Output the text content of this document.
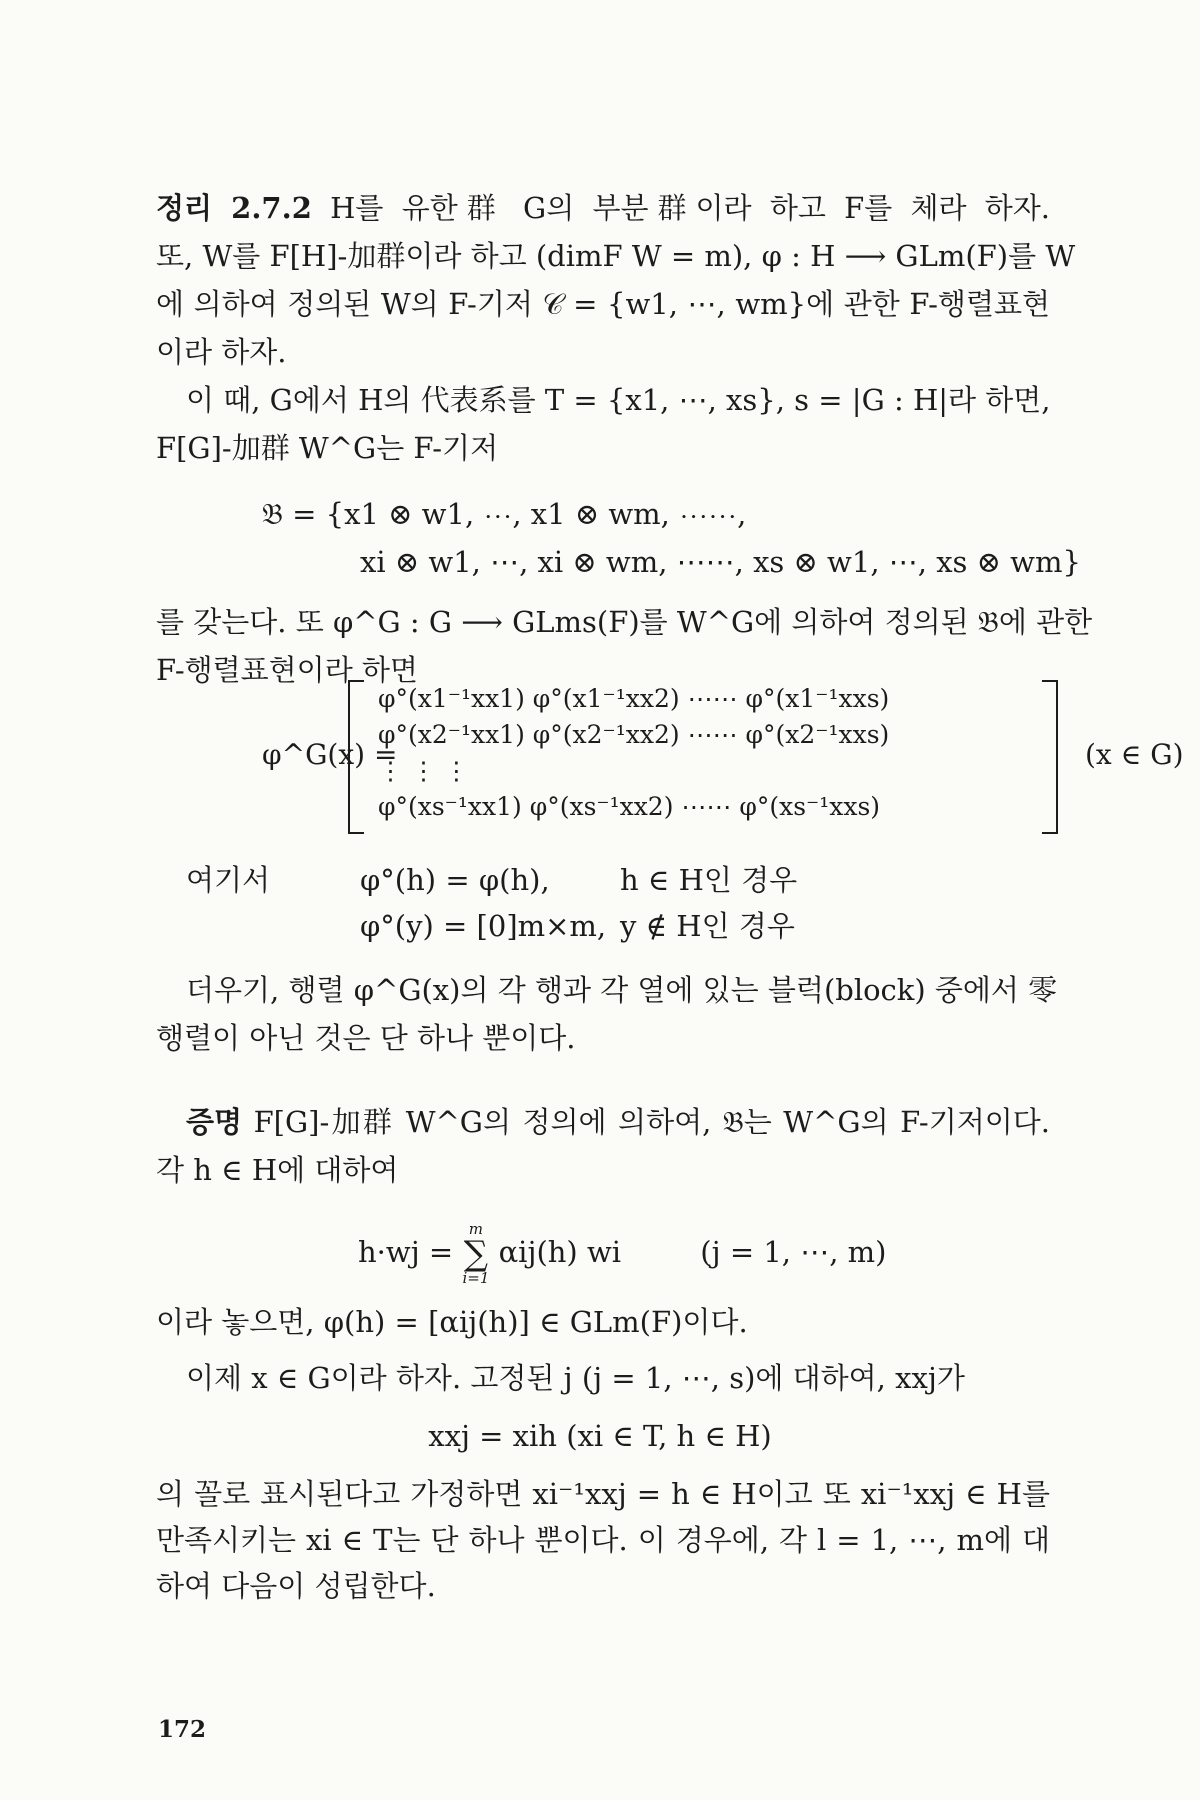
정리 2.7.2 H를 유한群 G의 부분群이라 하고 F를 체라 하자.
또, W를 F[H]-加群이라 하고 (dimF W = m), φ : H ⟶ GLm(F)를 W
에 의하여 정의된 W의 F-기저 𝒞 = {w1, ⋯, wm}에 관한 F-행렬표현
이라 하자.
이 때, G에서 H의 代表系를 T = {x1, ⋯, xs}, s = |G : H|라 하면,
F[G]-加群 W^G는 F-기저
𝔅 = {x1 ⊗ w1, ⋯, x1 ⊗ wm, ⋯⋯,
xi ⊗ w1, ⋯, xi ⊗ wm, ⋯⋯, xs ⊗ w1, ⋯, xs ⊗ wm}
를 갖는다. 또 φ^G : G ⟶ GLms(F)를 W^G에 의하여 정의된 𝔅에 관한
F-행렬표현이라 하면
φ^G(x) =
φ°(x1⁻¹xx1) φ°(x1⁻¹xx2) ⋯⋯ φ°(x1⁻¹xxs)
φ°(x2⁻¹xx1) φ°(x2⁻¹xx2) ⋯⋯ φ°(x2⁻¹xxs)
⋮ ⋮ ⋮
φ°(xs⁻¹xx1) φ°(xs⁻¹xx2) ⋯⋯ φ°(xs⁻¹xxs)
(x ∈ G)
여기서	φ°(h) = φ(h),	h ∈ H인 경우
φ°(y) = [0]m×m, y ∉ H인 경우
더우기, 행렬 φ^G(x)의 각 행과 각 열에 있는 블럭(block) 중에서 零
행렬이 아닌 것은 단 하나 뿐이다.
증명 F[G]-加群 W^G의 정의에 의하여, 𝔅는 W^G의 F-기저이다.
각 h ∈ H에 대하여
h·wj =
m
∑
i=1
αij(h) wi	(j = 1, ⋯, m)
이라 놓으면, φ(h) = [αij(h)] ∈ GLm(F)이다.
이제 x ∈ G이라 하자. 고정된 j (j = 1, ⋯, s)에 대하여, xxj가
xxj = xih (xi ∈ T, h ∈ H)
의 꼴로 표시된다고 가정하면 xi⁻¹xxj = h ∈ H이고 또 xi⁻¹xxj ∈ H를
만족시키는 xi ∈ T는 단 하나 뿐이다. 이 경우에, 각 l = 1, ⋯, m에 대
하여 다음이 성립한다.
172
